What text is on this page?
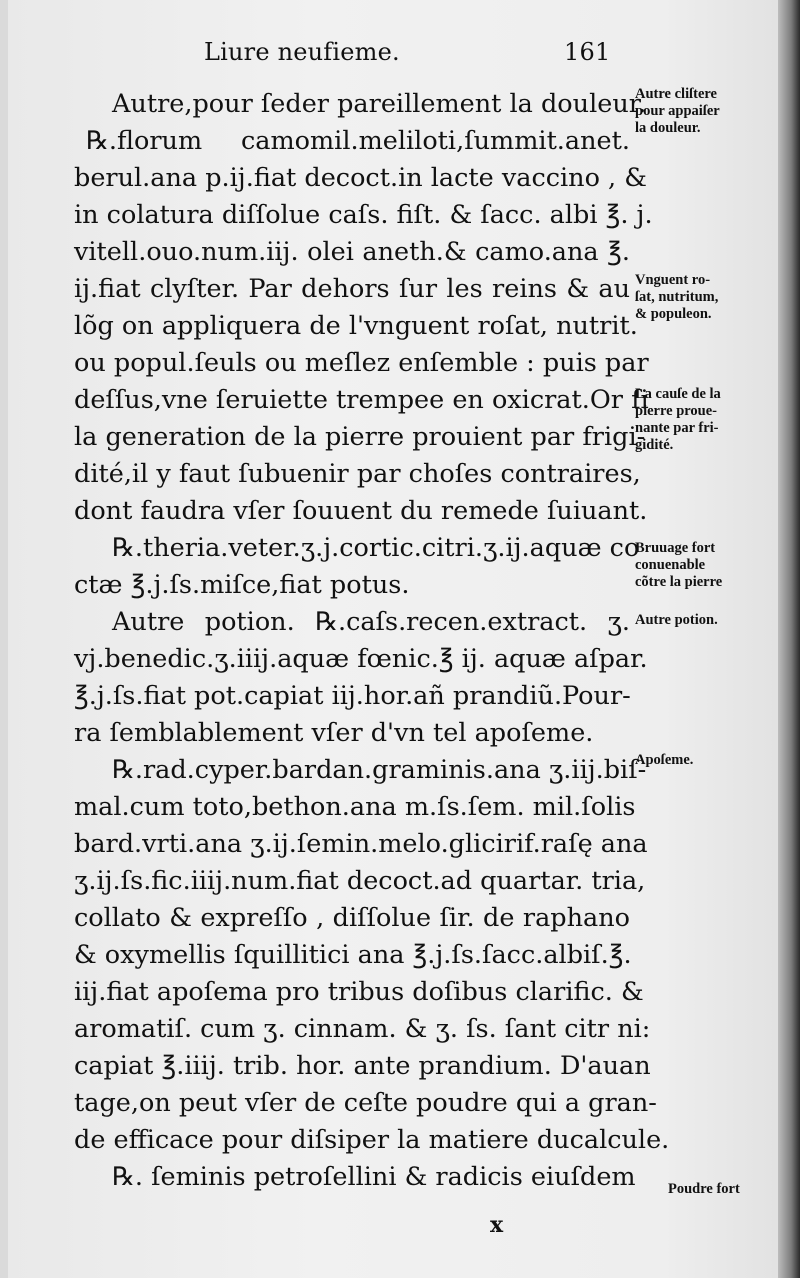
Liure neufieme.	161
Autre,pour ſeder pareillement la douleur.
℞.florum camomil.meliloti,ſummit.anet.
berul.ana p.ij.fiat decoct.in lacte vaccino , &
in colatura diſſolue caſs. fiſt. & ſacc. albi ℥. j.
vitell.ouo.num.iij. olei aneth.& camo.ana ℥.
ij.fiat clyſter. Par dehors ſur les reins & au
lõg on appliquera de l'vnguent roſat, nutrit.
ou popul.ſeuls ou meſlez enſemble : puis par
deſſus,vne ſeruiette trempee en oxicrat.Or ſi
la generation de la pierre prouient par frigi-
dité,il y faut ſubuenir par choſes contraires,
dont faudra vſer ſouuent du remede ſuiuant.
℞.theria.veter.ʒ.j.cortic.citri.ʒ.ij.aquæ co
ctæ ℥.j.ſs.miſce,fiat potus.
Autre potion. ℞.caſs.recen.extract. ʒ.
vj.benedic.ʒ.iiij.aquæ fœnic.℥ ij. aquæ aſpar.
℥.j.ſs.fiat pot.capiat iij.hor.añ prandiũ.Pour-
ra ſemblablement vſer d'vn tel apoſeme.
℞.rad.cyper.bardan.graminis.ana ʒ.iij.biſ-
mal.cum toto,bethon.ana m.ſs.ſem. mil.ſolis
bard.vrti.ana ʒ.ij.ſemin.melo.glicirif.raſę ana
ʒ.ij.ſs.fic.iiij.num.fiat decoct.ad quartar. tria,
collato & expreſſo , diſſolue ſir. de raphano
& oxymellis ſquillitici ana ℥.j.ſs.ſacc.albiſ.℥.
iij.fiat apoſema pro tribus doſibus clarific. &
aromatiſ. cum ʒ. cinnam. & ʒ. ſs. ſant citr ni:
capiat ℥.iiij. trib. hor. ante prandium. D'auan
tage,on peut vſer de ceſte poudre qui a gran-
de efficace pour diſsiper la matiere ducalcule.
℞. ſeminis petroſellini & radicis eiuſdem
Autre cliſtere
pour appaiſer
la douleur.
Vnguent ro-
ſat, nutritum,
& populeon.
La cauſe de la
pierre proue-
nante par fri-
gidité.
Bruuage fort
conuenable
cõtre la pierre
Autre potion.
Apoſeme.
Poudre fort
x
